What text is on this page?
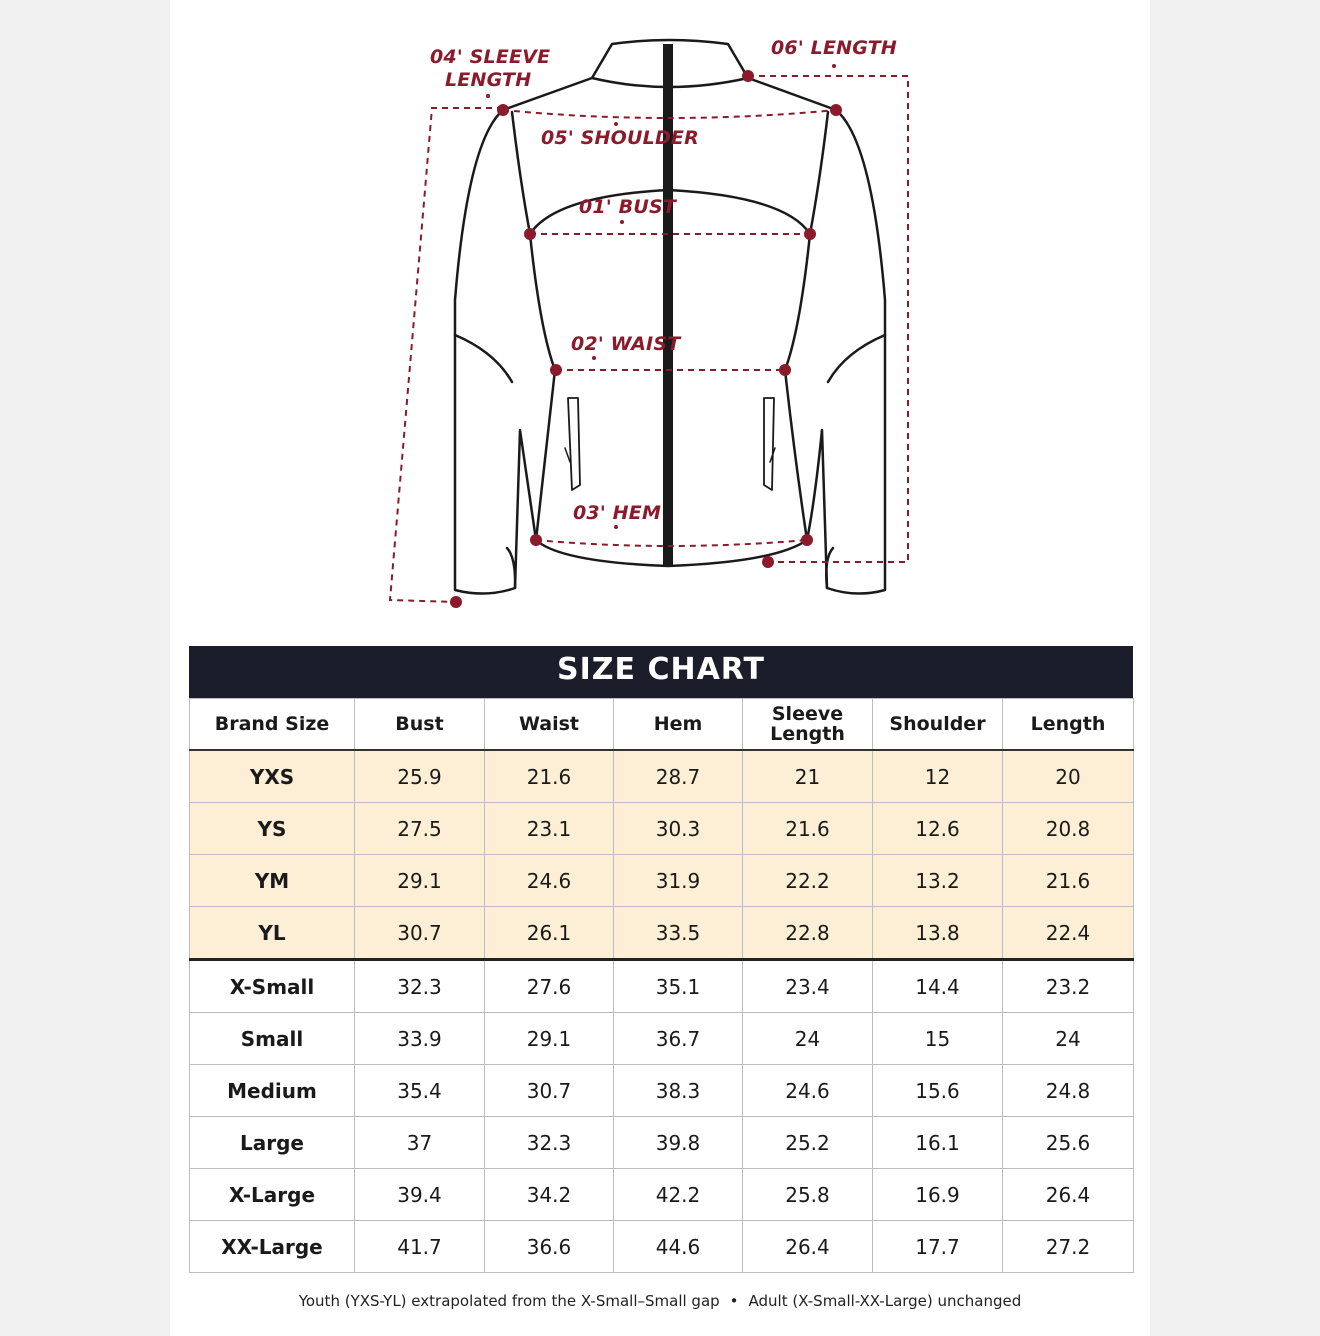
04' SLEEVE
LENGTH
06' LENGTH
05' SHOULDER
01' BUST
02' WAIST
03' HEM
SIZE CHART
Brand Size	Bust	Waist	Hem	Sleeve Length	Shoulder	Length
YXS	25.9	21.6	28.7	21	12	20
YS	27.5	23.1	30.3	21.6	12.6	20.8
YM	29.1	24.6	31.9	22.2	13.2	21.6
YL	30.7	26.1	33.5	22.8	13.8	22.4
X-Small	32.3	27.6	35.1	23.4	14.4	23.2
Small	33.9	29.1	36.7	24	15	24
Medium	35.4	30.7	38.3	24.6	15.6	24.8
Large	37	32.3	39.8	25.2	16.1	25.6
X-Large	39.4	34.2	42.2	25.8	16.9	26.4
XX-Large	41.7	36.6	44.6	26.4	17.7	27.2
Youth (YXS-YL) extrapolated from the X-Small–Small gap • Adult (X-Small-XX-Large) unchanged
